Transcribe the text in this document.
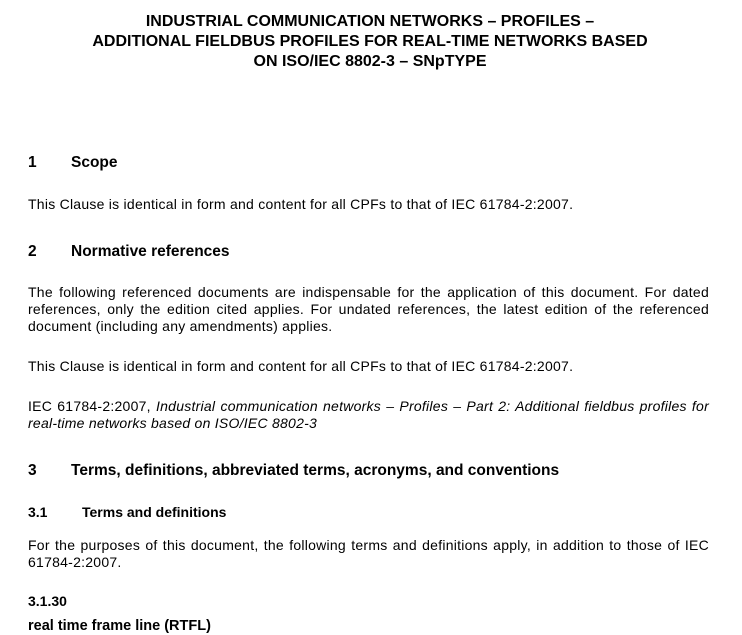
INDUSTRIAL COMMUNICATION NETWORKS – PROFILES –
ADDITIONAL FIELDBUS PROFILES FOR REAL-TIME NETWORKS BASED
ON ISO/IEC 8802-3 – SNpTYPE
1 Scope

This Clause is identical in form and content for all CPFs to that of IEC 61784-2:2007.

2 Normative references

The following referenced documents are indispensable for the application of this document. For dated references, only the edition cited applies. For undated references, the latest edition of the referenced document (including any amendments) applies.

This Clause is identical in form and content for all CPFs to that of IEC 61784-2:2007.

IEC 61784-2:2007, Industrial communication networks – Profiles – Part 2: Additional fieldbus profiles for real-time networks based on ISO/IEC 8802-3

3 Terms, definitions, abbreviated terms, acronyms, and conventions
3.1 Terms and definitions

For the purposes of this document, the following terms and definitions apply, in addition to those of IEC 61784-2:2007.

3.1.30

real time frame line (RTFL)
